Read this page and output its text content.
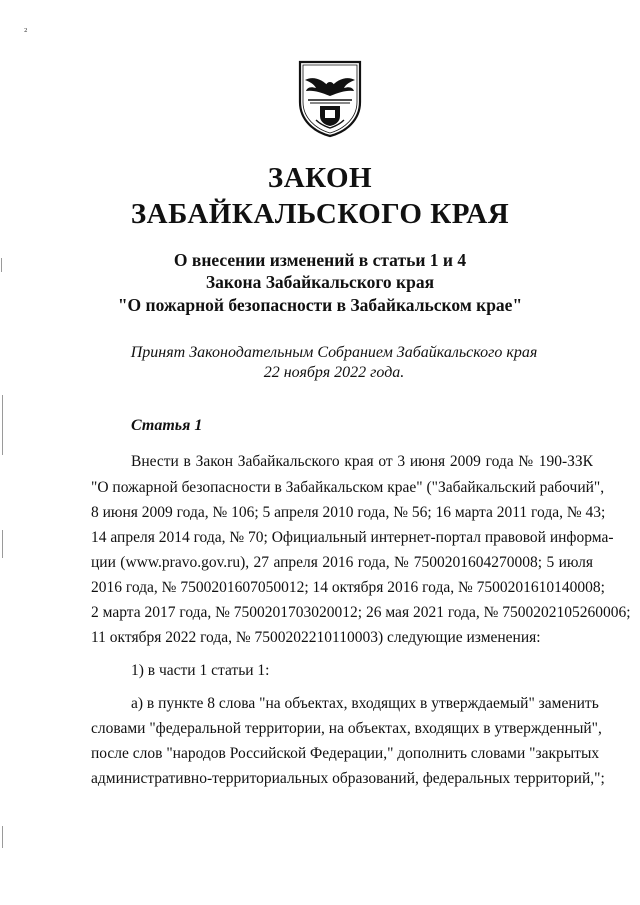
²
ЗАКОН
ЗАБАЙКАЛЬСКОГО КРАЯ
О внесении изменений в статьи 1 и 4
Закона Забайкальского края
"О пожарной безопасности в Забайкальском крае"
Принят Законодательным Собранием Забайкальского края
22 ноября 2022 года.
Статья 1
Внести в Закон Забайкальского края от 3 июня 2009 года № 190-ЗЗК
"О пожарной безопасности в Забайкальском крае" ("Забайкальский рабочий",
8 июня 2009 года, № 106; 5 апреля 2010 года, № 56; 16 марта 2011 года, № 43;
14 апреля 2014 года, № 70; Официальный интернет-портал правовой информа-
ции (www.pravo.gov.ru), 27 апреля 2016 года, № 7500201604270008; 5 июля
2016 года, № 7500201607050012; 14 октября 2016 года, № 7500201610140008;
2 марта 2017 года, № 7500201703020012; 26 мая 2021 года, № 7500202105260006;
11 октября 2022 года, № 7500202210110003) следующие изменения:
1) в части 1 статьи 1:
а) в пункте 8 слова "на объектах, входящих в утверждаемый" заменить
словами "федеральной территории, на объектах, входящих в утвержденный",
после слов "народов Российской Федерации," дополнить словами "закрытых
административно-территориальных образований, федеральных территорий,";
